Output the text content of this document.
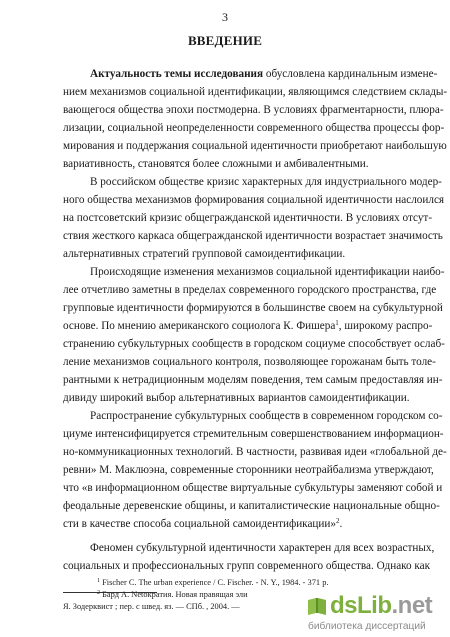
3
ВВЕДЕНИЕ
Актуальность темы исследования обусловлена кардинальным измене-
нием механизмов социальной идентификации, являющимся следствием склады-
вающегося общества эпохи постмодерна. В условиях фрагментарности, плюра-
лизации, социальной неопределенности современного общества процессы фор-
мирования и поддержания социальной идентичности приобретают наибольшую
вариативность, становятся более сложными и амбивалентными.
В российском обществе кризис характерных для индустриального модер-
ного общества механизмов формирования социальной идентичности наслоился
на постсоветский кризис общегражданской идентичности. В условиях отсут-
ствия жесткого каркаса общегражданской идентичности возрастает значимость
альтернативных стратегий групповой самоидентификации.
Происходящие изменения механизмов социальной идентификации наибо-
лее отчетливо заметны в пределах современного городского пространства, где
групповые идентичности формируются в большинстве своем на субкультурной
основе. По мнению американского социолога К. Фишера$^1$, широкому распро-
странению субкультурных сообществ в городском социуме способствует ослаб-
ление механизмов социального контроля, позволяющее горожанам быть толе-
рантными к нетрадиционным моделям поведения, тем самым предоставляя ин-
дивиду широкий выбор альтернативных вариантов самоидентификации.
Распространение субкультурных сообществ в современном городском со-
циуме интенсифицируется стремительным совершенствованием информацион-
но-коммуникационных технологий. В частности, развивая идеи «глобальной де-
ревни» М. Маклюэна, современные сторонники неотрайбализма утверждают,
что «в информационном обществе виртуальные субкультуры заменяют собой и
феодальные деревенские общины, и капиталистические национальные общно-
сти в качестве способа социальной самоидентификации»$^2$.
Феномен субкультурной идентичности характерен для всех возрастных,
социальных и профессиональных групп современного общества. Однако как
$^1$ Fischer C. The urban experience / C. Fischer. - N. Y., 1984. - 371 p.
$^2$ Бард А. Netократия. Новая правящая эли
Я. Зодерквист ; пер. с швед. яз. — СПб. , 2004. —	dsLib.net
библиотека диссертаций
